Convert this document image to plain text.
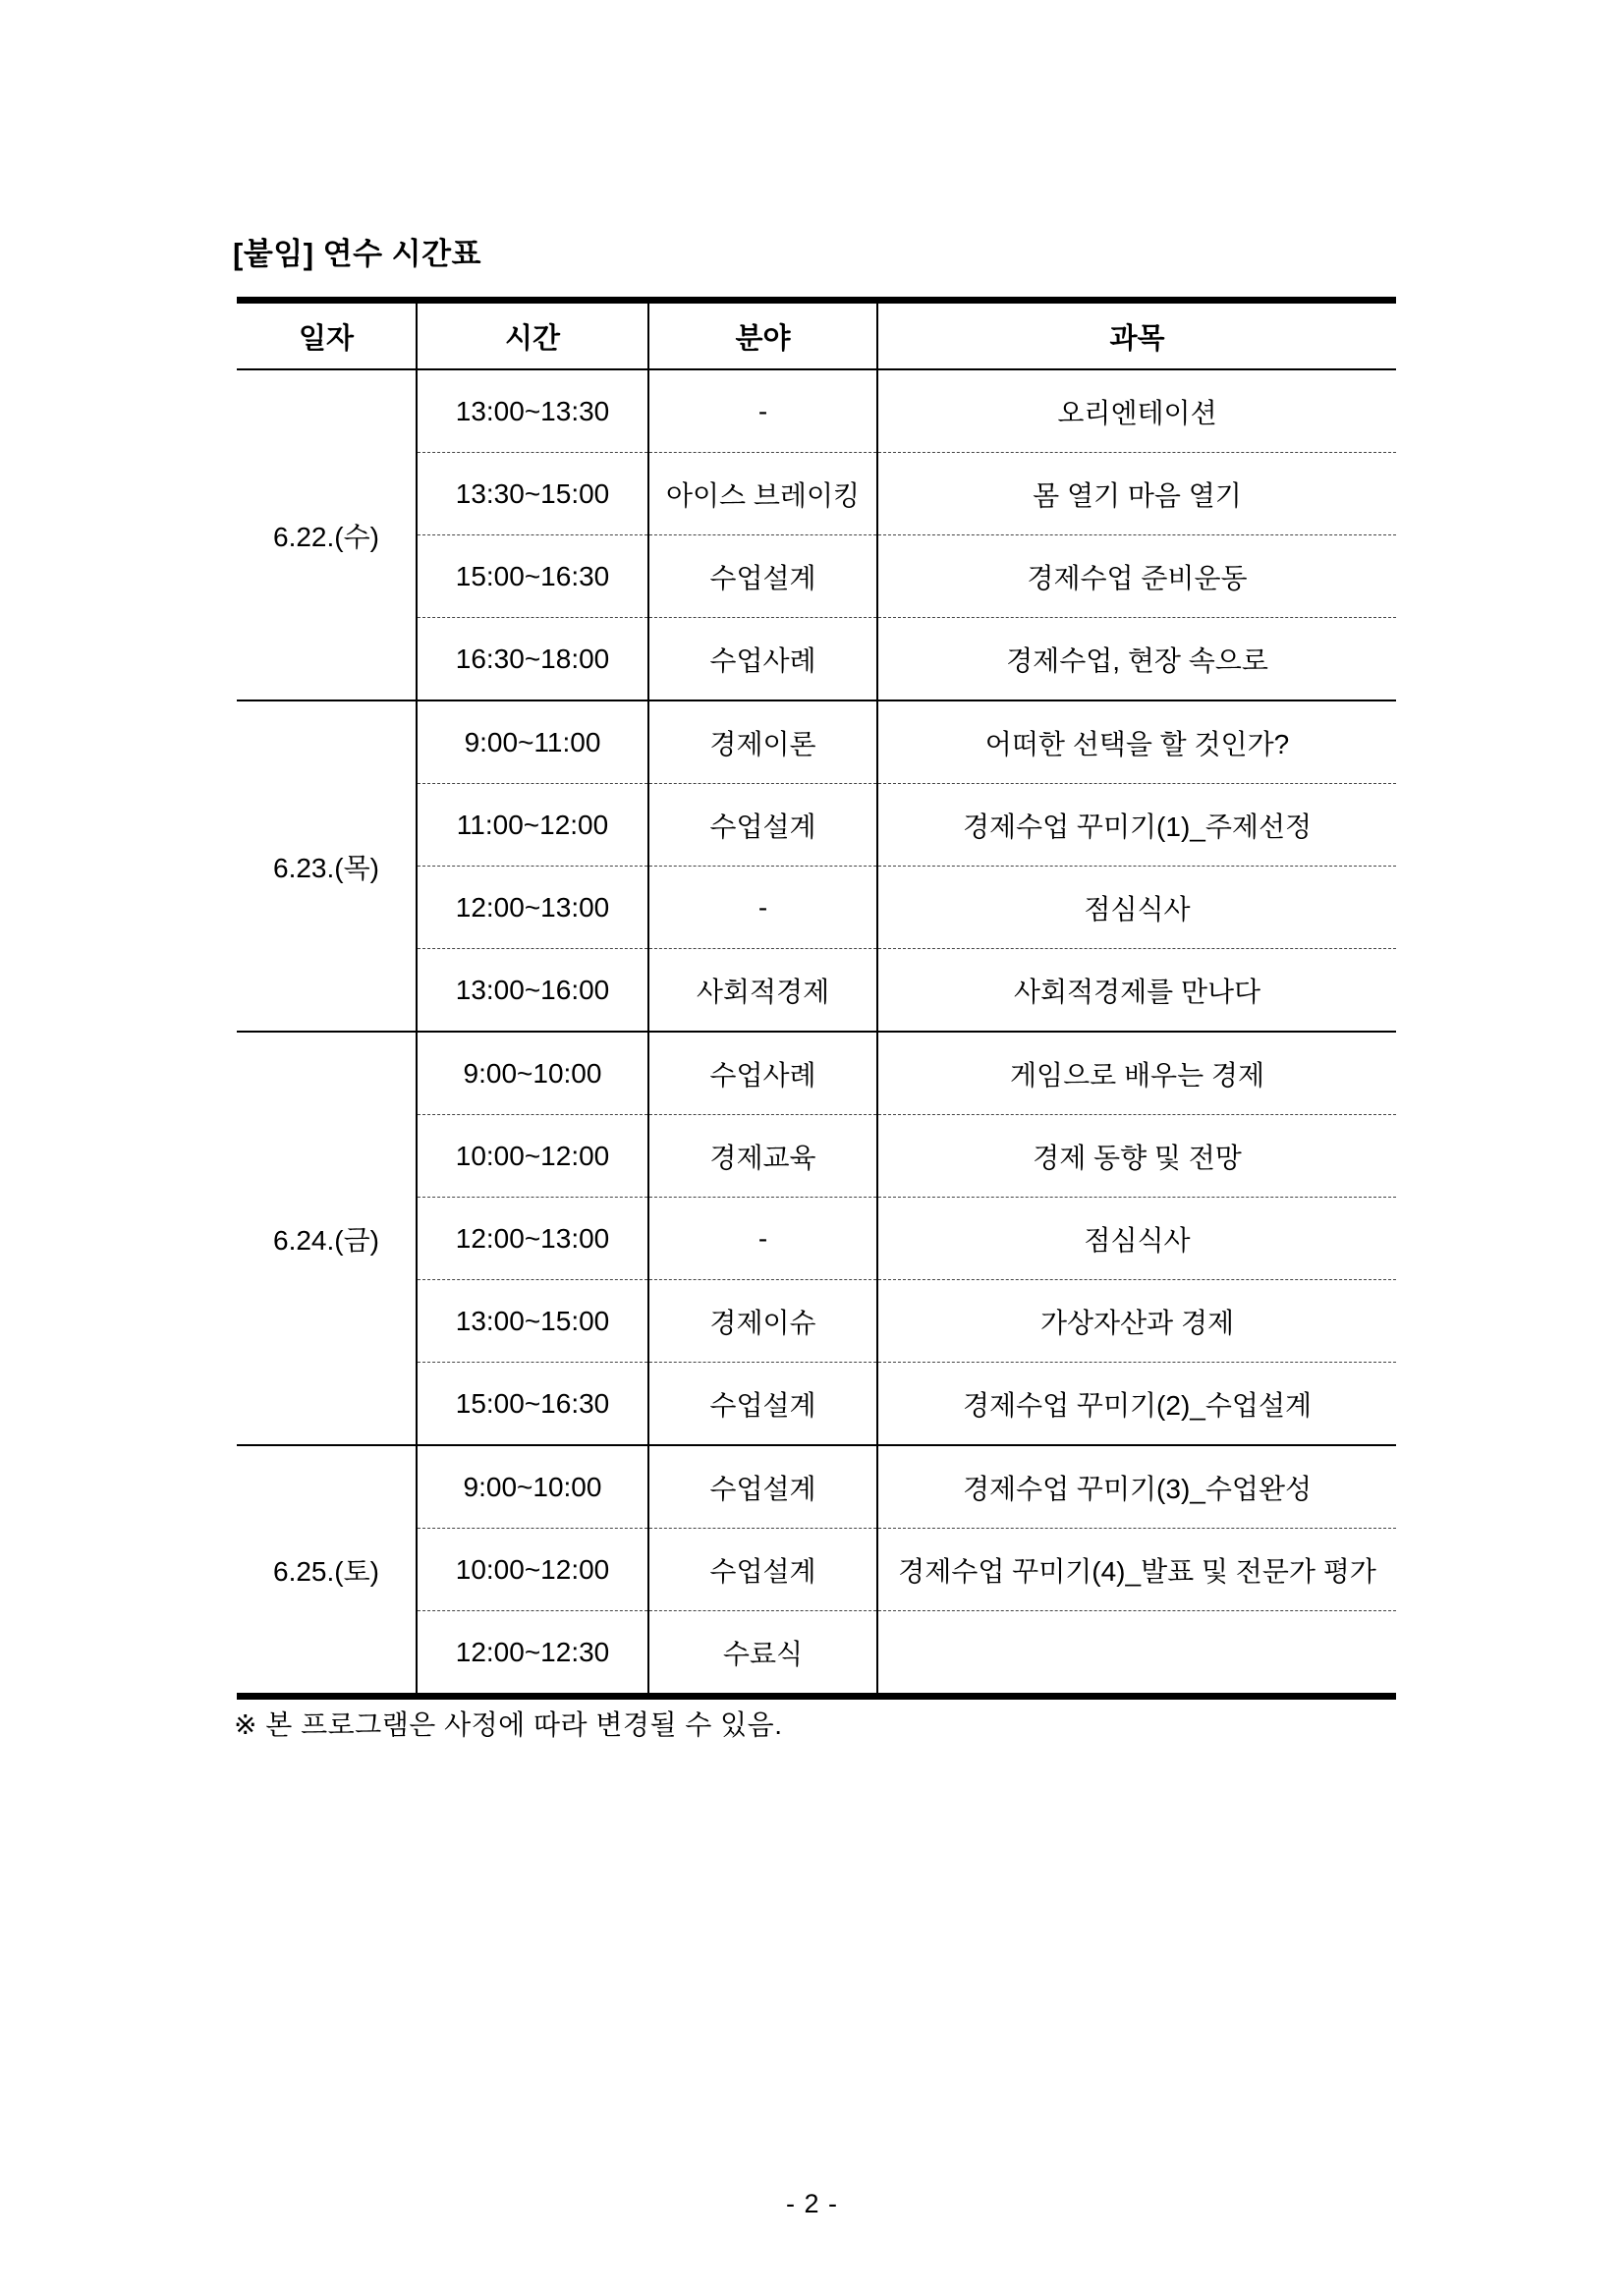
[붙임] 연수 시간표
일자	시간	분야	과목
6.22.(수)	13:00~13:30	-	오리엔테이션
	13:30~15:00	아이스 브레이킹	몸 열기 마음 열기
	15:00~16:30	수업설계	경제수업 준비운동
	16:30~18:00	수업사례	경제수업, 현장 속으로
6.23.(목)	9:00~11:00	경제이론	어떠한 선택을 할 것인가?
	11:00~12:00	수업설계	경제수업 꾸미기(1)_주제선정
	12:00~13:00	-	점심식사
	13:00~16:00	사회적경제	사회적경제를 만나다
6.24.(금)	9:00~10:00	수업사례	게임으로 배우는 경제
	10:00~12:00	경제교육	경제 동향 및 전망
	12:00~13:00	-	점심식사
	13:00~15:00	경제이슈	가상자산과 경제
	15:00~16:30	수업설계	경제수업 꾸미기(2)_수업설계
6.25.(토)	9:00~10:00	수업설계	경제수업 꾸미기(3)_수업완성
	10:00~12:00	수업설계	경제수업 꾸미기(4)_발표 및 전문가 평가
	12:00~12:30	수료식	
※ 본 프로그램은 사정에 따라 변경될 수 있음.
- 2 -
